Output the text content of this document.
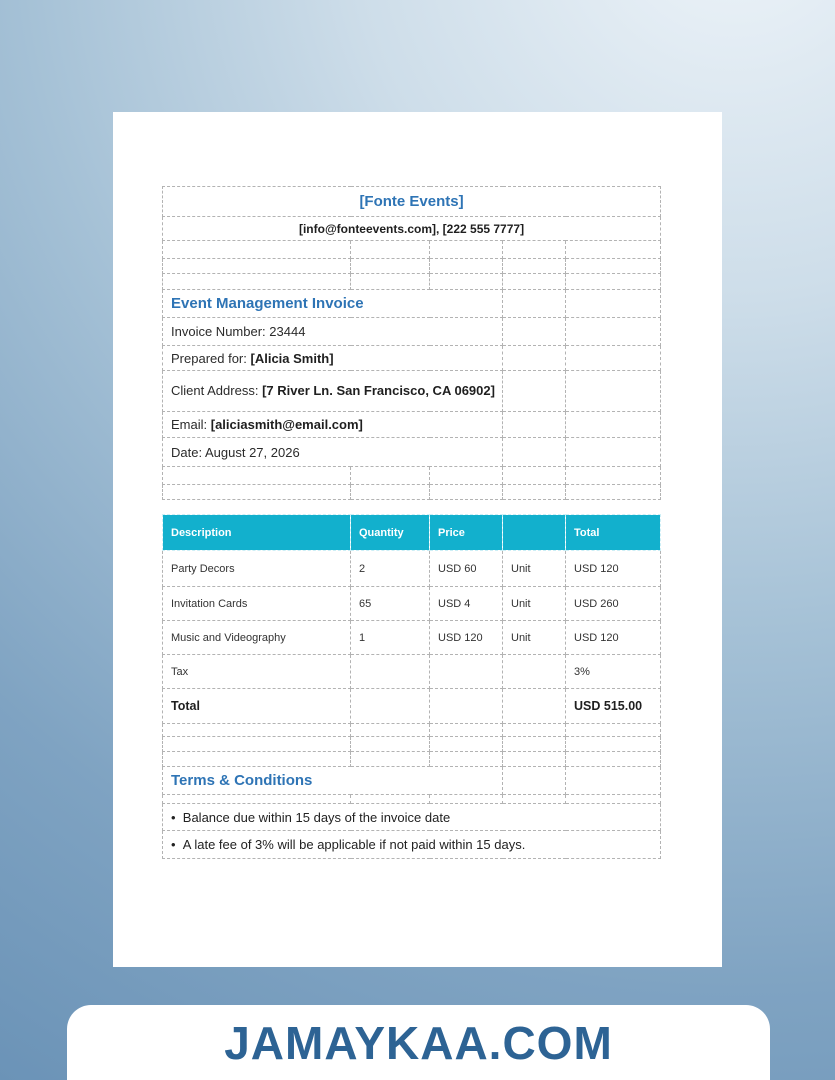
[Fonte Events]				
[info@fonteevents.com], [222 555 7777]				

Event Management Invoice				
Invoice Number: 23444				
Prepared for: [Alicia Smith]				
Client Address: [7 River Ln. San Francisco, CA 06902]				
Email: [aliciasmith@email.com]				
Date: August 27, 2026				

Description	Quantity	Price		Total
Party Decors	2	USD 60	Unit	USD 120
Invitation Cards	65	USD 4	Unit	USD 260
Music and Videography	1	USD 120	Unit	USD 120
Tax				3%
Total				USD 515.00

Terms & Conditions				

•  Balance due within 15 days of the invoice date
•  A late fee of 3% will be applicable if not paid within 15 days.
JAMAYKAA.COM
